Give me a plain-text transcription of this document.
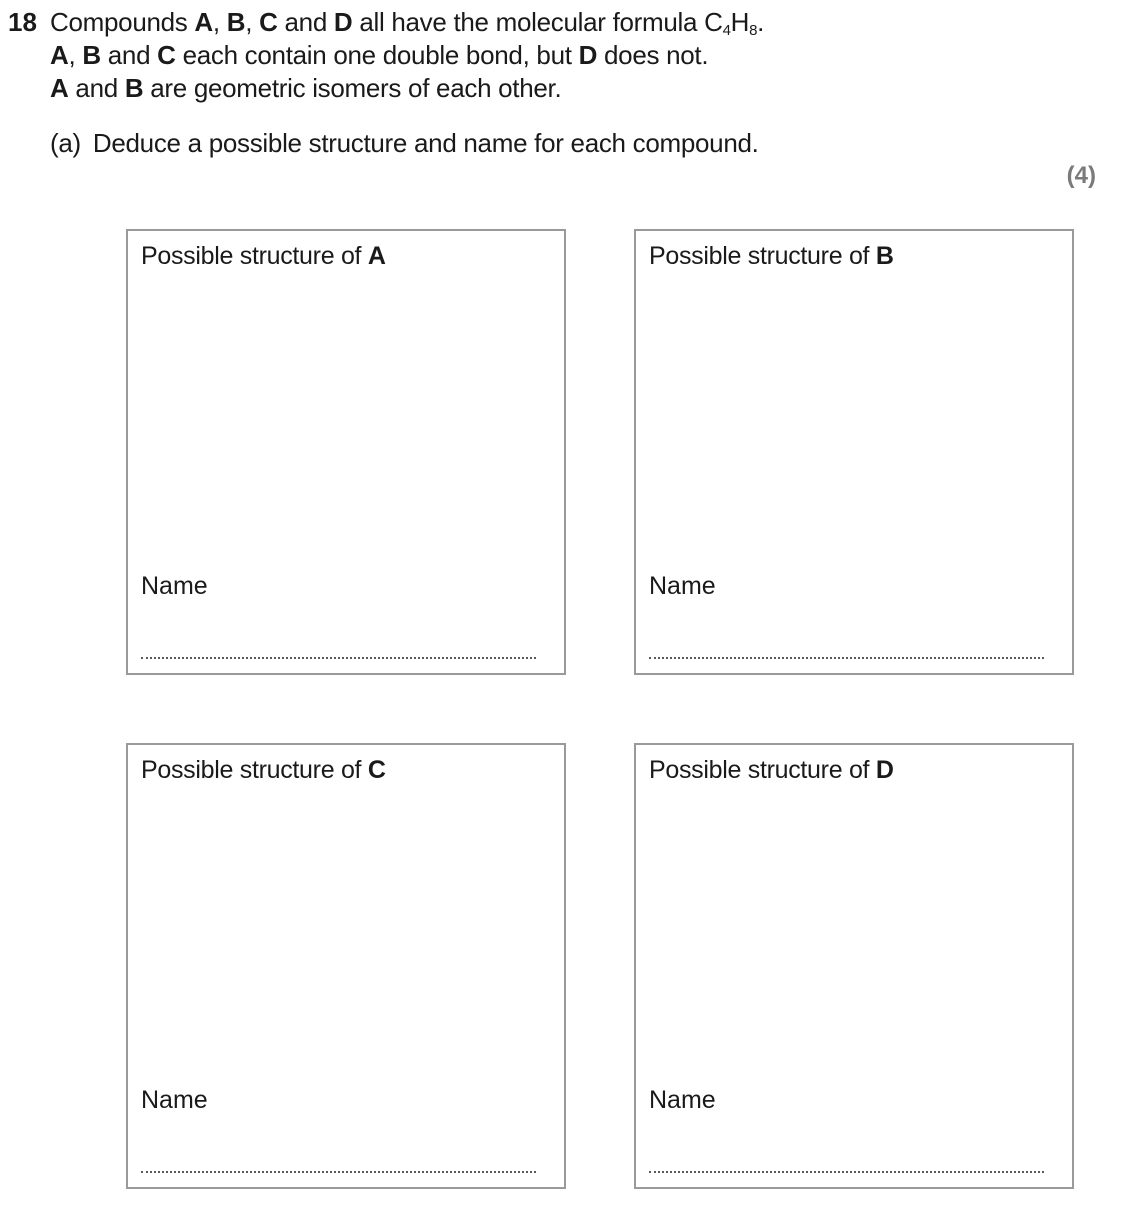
18 Compounds A, B, C and D all have the molecular formula $C_4H_8$.
A, B and C each contain one double bond, but D does not.
A and B are geometric isomers of each other.
(a) Deduce a possible structure and name for each compound.
(4)
Possible structure of A
Name
Possible structure of B
Name
Possible structure of C
Name
Possible structure of D
Name
